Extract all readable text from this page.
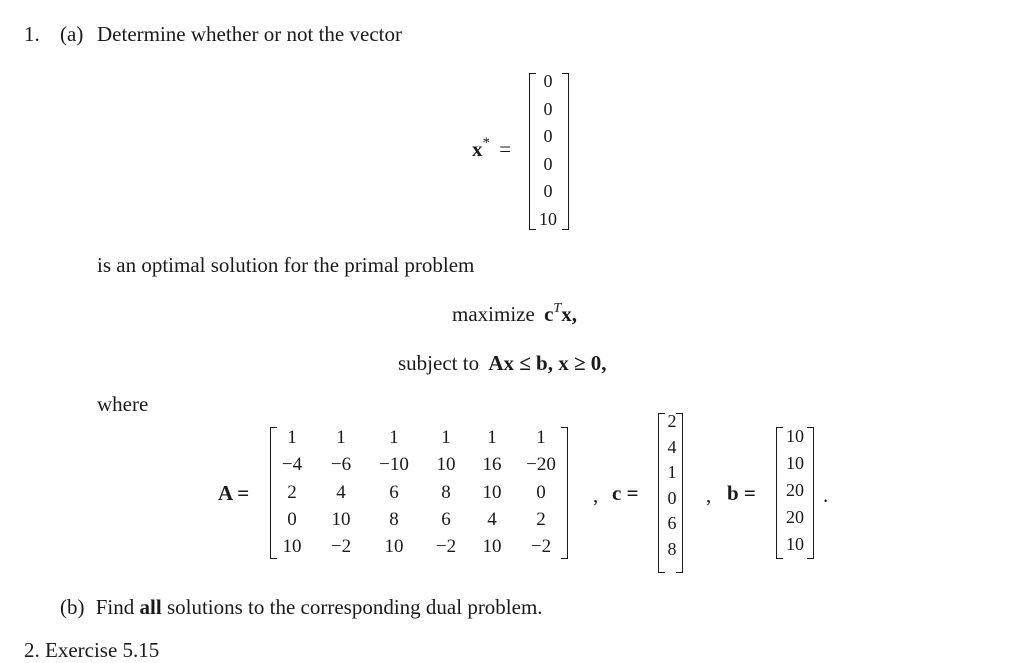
1. (a) Determine whether or not the vector
x* =
0
0
0
0
0
10
is an optimal solution for the primal problem
maximize $c^Tx$,
subject to Ax ≤ b, x ≥ 0,
where
A =
1	1	1	1	1	1
−4	−6	−10	10	16	−20
2	4	6	8	10	0
0	10	8	6	4	2
10	−2	10	−2	10	−2
, c =
2
4
1
0
6
8
, b =
10
10
20
20
10
.
(b) Find all solutions to the corresponding dual problem.
2. Exercise 5.15
